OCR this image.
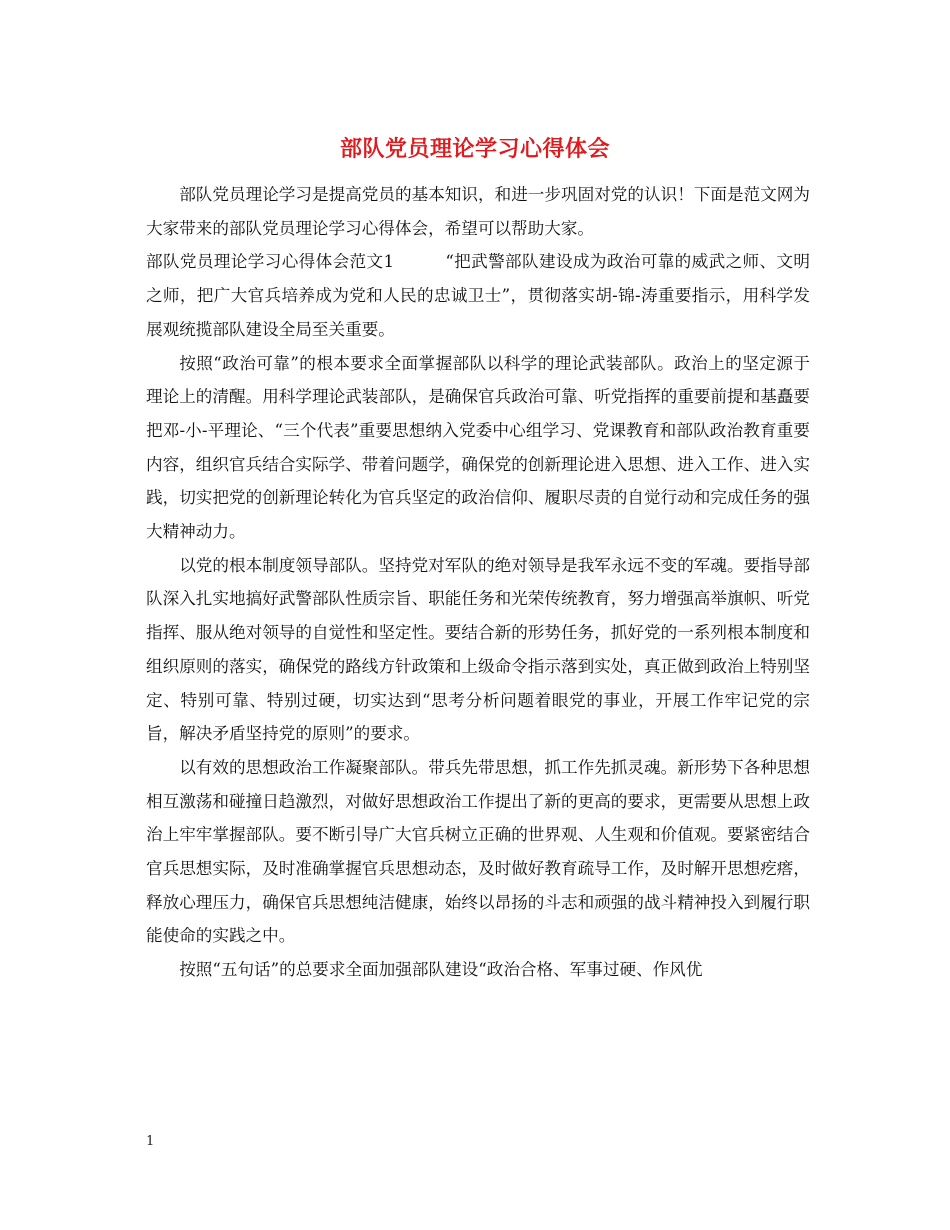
部队党员理论学习心得体会

部队党员理论学习是提高党员的基本知识，和进一步巩固对党的认识！下面是范文网为大家带来的部队党员理论学习心得体会，希望可以帮助大家。

部队党员理论学习心得体会范文1　　　	“把武警部队建设成为政治可靠的威武之师、文明之师，把广大官兵培养成为党和人民的忠诚卫士”，贯彻落实胡-锦-涛重要指示，用科学发展观统揽部队建设全局至关重要。

按照“政治可靠”的根本要求全面掌握部队以科学的理论武装部队。政治上的坚定源于理论上的清醒。用科学理论武装部队，是确保官兵政治可靠、听党指挥的重要前提和基矗要把邓-小-平理论、“三个代表”重要思想纳入党委中心组学习、党课教育和部队政治教育重要内容，组织官兵结合实际学、带着问题学，确保党的创新理论进入思想、进入工作、进入实践，切实把党的创新理论转化为官兵坚定的政治信仰、履职尽责的自觉行动和完成任务的强大精神动力。

以党的根本制度领导部队。坚持党对军队的绝对领导是我军永远不变的军魂。要指导部队深入扎实地搞好武警部队性质宗旨、职能任务和光荣传统教育，努力增强高举旗帜、听党指挥、服从绝对领导的自觉性和坚定性。要结合新的形势任务，抓好党的一系列根本制度和组织原则的落实，确保党的路线方针政策和上级命令指示落到实处，真正做到政治上特别坚定、特别可靠、特别过硬，切实达到“思考分析问题着眼党的事业，开展工作牢记党的宗旨，解决矛盾坚持党的原则”的要求。

以有效的思想政治工作凝聚部队。带兵先带思想，抓工作先抓灵魂。新形势下各种思想相互激荡和碰撞日趋激烈，对做好思想政治工作提出了新的更高的要求，更需要从思想上政治上牢牢掌握部队。要不断引导广大官兵树立正确的世界观、人生观和价值观。要紧密结合官兵思想实际，及时准确掌握官兵思想动态，及时做好教育疏导工作，及时解开思想疙瘩，释放心理压力，确保官兵思想纯洁健康，始终以昂扬的斗志和顽强的战斗精神投入到履行职能使命的实践之中。

按照“五句话”的总要求全面加强部队建设“政治合格、军事过硬、作风优

1
